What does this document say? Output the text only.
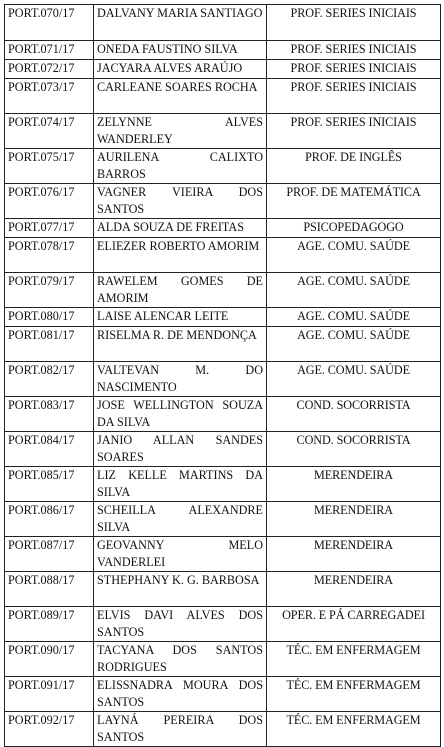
PORT.070/17	DALVANY MARIA SANTIAGO	PROF. SERIES INICIAIS
PORT.071/17	ONEDA FAUSTINO SILVA	PROF. SERIES INICIAIS
PORT.072/17	JACYARA ALVES ARAÚJO	PROF. SERIES INICIAIS
PORT.073/17	CARLEANE SOARES ROCHA	PROF. SERIES INICIAIS
PORT.074/17	ZELYNNE ALVES WANDERLEY	PROF. SERIES INICIAIS
PORT.075/17	AURILENA CALIXTO BARROS	PROF. DE INGLÊS
PORT.076/17	VAGNER VIEIRA DOS SANTOS	PROF. DE MATEMÁTICA
PORT.077/17	ALDA SOUZA DE FREITAS	PSICOPEDAGOGO
PORT.078/17	ELIEZER ROBERTO AMORIM	AGE. COMU. SAÚDE
PORT.079/17	RAWELEM GOMES DE AMORIM	AGE. COMU. SAÚDE
PORT.080/17	LAISE ALENCAR LEITE	AGE. COMU. SAÚDE
PORT.081/17	RISELMA R. DE MENDONÇA	AGE. COMU. SAÚDE
PORT.082/17	VALTEVAN M. DO NASCIMENTO	AGE. COMU. SAÚDE
PORT.083/17	JOSE WELLINGTON SOUZA DA SILVA	COND. SOCORRISTA
PORT.084/17	JANIO ALLAN SANDES SOARES	COND. SOCORRISTA
PORT.085/17	LIZ KELLE MARTINS DA SILVA	MERENDEIRA
PORT.086/17	SCHEILLA ALEXANDRE SILVA	MERENDEIRA
PORT.087/17	GEOVANNY MELO VANDERLEI	MERENDEIRA
PORT.088/17	STHEPHANY K. G. BARBOSA	MERENDEIRA
PORT.089/17	ELVIS DAVI ALVES DOS SANTOS	OPER. E PÁ CARREGADEI
PORT.090/17	TACYANA DOS SANTOS RODRIGUES	TÉC. EM ENFERMAGEM
PORT.091/17	ELISSNADRA MOURA DOS SANTOS	TÉC. EM ENFERMAGEM
PORT.092/17	LAYNÁ PEREIRA DOS SANTOS	TÉC. EM ENFERMAGEM
